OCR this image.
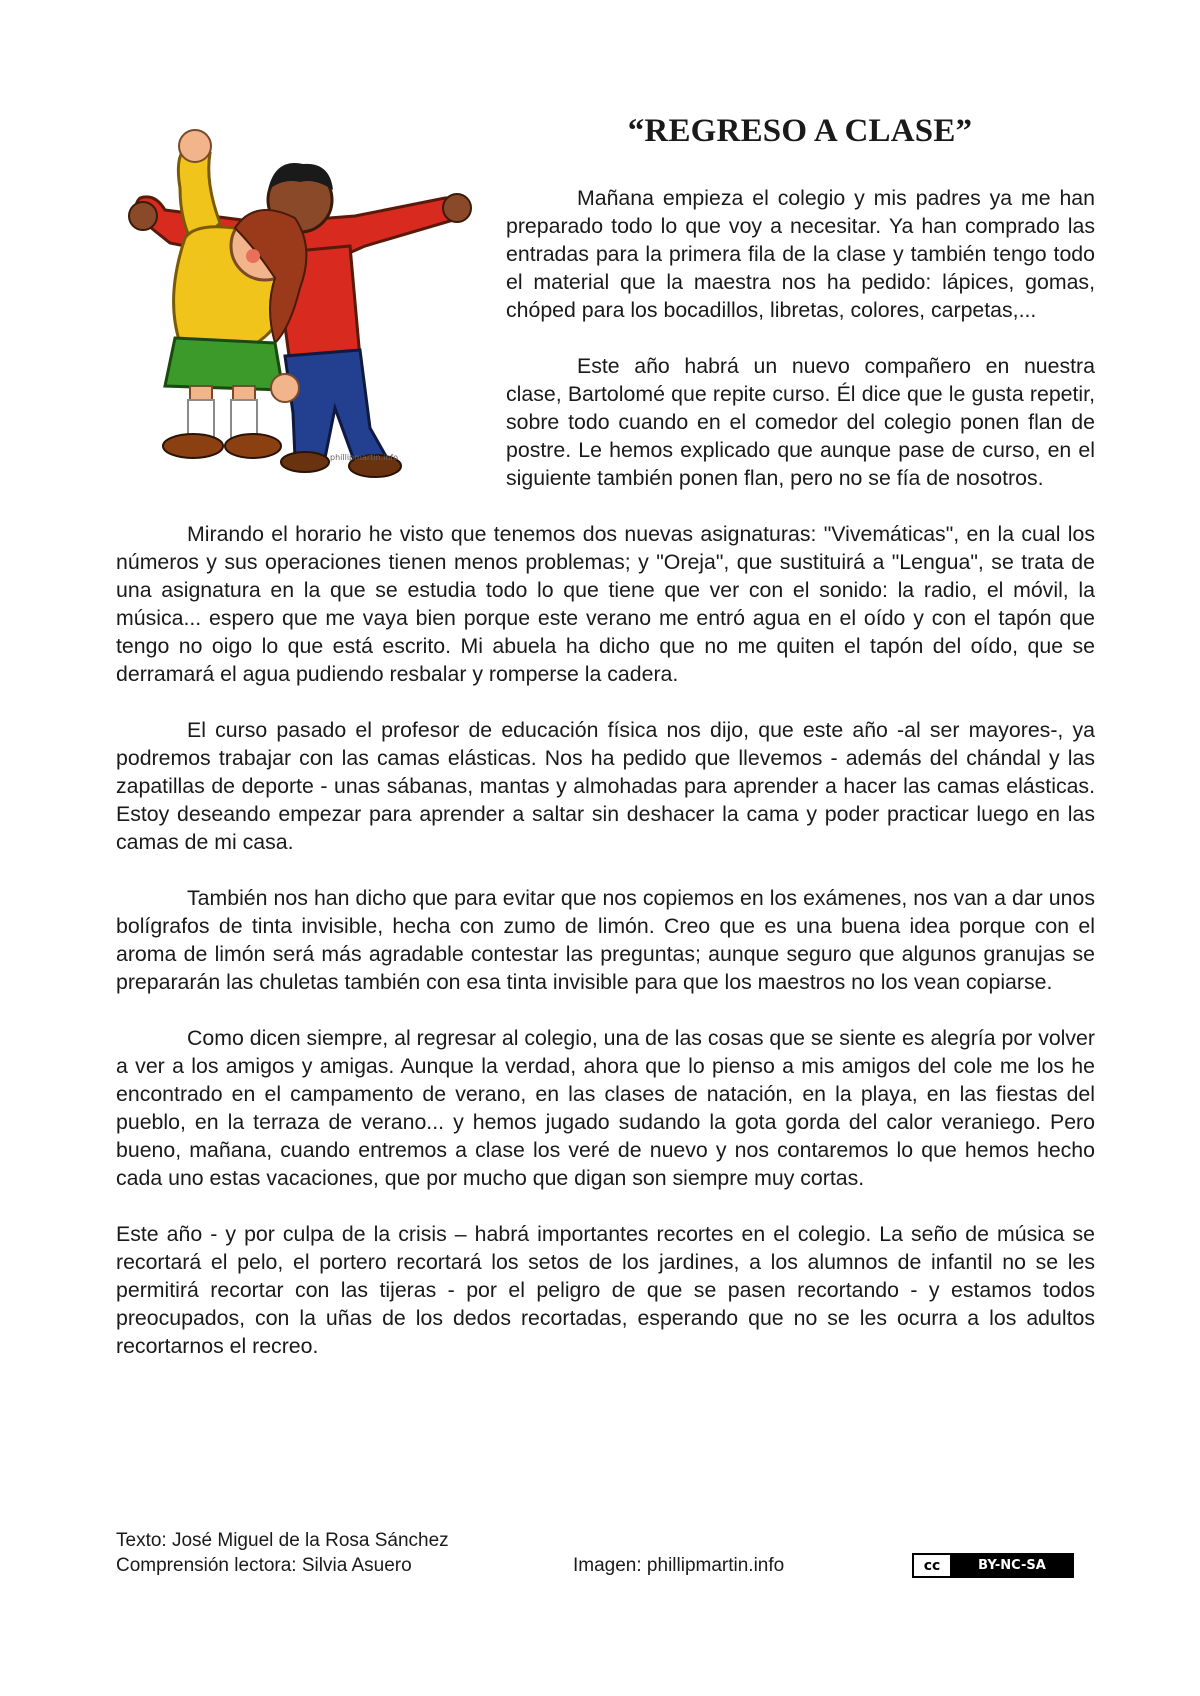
phillipmartin.info
“REGRESO A CLASE”

Mañana empieza el colegio y mis padres ya me han preparado todo lo que voy a necesitar. Ya han comprado las entradas para la primera fila de la clase y también tengo todo el material que la maestra nos ha pedido: lápices, gomas, chóped para los bocadillos, libretas, colores, carpetas,...

Este año habrá un nuevo compañero en nuestra clase, Bartolomé que repite curso. Él dice que le gusta repetir, sobre todo cuando en el comedor del colegio ponen flan de postre. Le hemos explicado que aunque pase de curso, en el siguiente también ponen flan, pero no se fía de nosotros.

Mirando el horario he visto que tenemos dos nuevas asignaturas: "Vivemáticas", en la cual los números y sus operaciones tienen menos problemas; y "Oreja", que sustituirá a "Lengua", se trata de una asignatura en la que se estudia todo lo que tiene que ver con el sonido: la radio, el móvil, la música... espero que me vaya bien porque este verano me entró agua en el oído y con el tapón que tengo no oigo lo que está escrito. Mi abuela ha dicho que no me quiten el tapón del oído, que se derramará el agua pudiendo resbalar y romperse la cadera.

El curso pasado el profesor de educación física nos dijo, que este año -al ser mayores-, ya podremos trabajar con las camas elásticas. Nos ha pedido que llevemos - además del chándal y las zapatillas de deporte - unas sábanas, mantas y almohadas para aprender a hacer las camas elásticas. Estoy deseando empezar para aprender a saltar sin deshacer la cama y poder practicar luego en las camas de mi casa.

También nos han dicho que para evitar que nos copiemos en los exámenes, nos van a dar unos bolígrafos de tinta invisible, hecha con zumo de limón. Creo que es una buena idea porque con el aroma de limón será más agradable contestar las preguntas; aunque seguro que algunos granujas se prepararán las chuletas también con esa tinta invisible para que los maestros no los vean copiarse.

Como dicen siempre, al regresar al colegio, una de las cosas que se siente es alegría por volver a ver a los amigos y amigas. Aunque la verdad, ahora que lo pienso a mis amigos del cole me los he encontrado en el campamento de verano, en las clases de natación, en la playa, en las fiestas del pueblo, en la terraza de verano... y hemos jugado sudando la gota gorda del calor veraniego. Pero bueno, mañana, cuando entremos a clase los veré de nuevo y nos contaremos lo que hemos hecho cada uno estas vacaciones, que por mucho que digan son siempre muy cortas.

Este año - y por culpa de la crisis – habrá importantes recortes en el colegio. La seño de música se recortará el pelo, el portero recortará los setos de los jardines, a los alumnos de infantil no se les permitirá recortar con las tijeras - por el peligro de que se pasen recortando - y estamos todos preocupados, con la uñas de los dedos recortadas, esperando que no se les ocurra a los adultos recortarnos el recreo.

Texto: José Miguel de la Rosa Sánchez
Comprensión lectora: Silvia Asuero	Imagen: phillipmartin.info	cc	BY-NC-SA
